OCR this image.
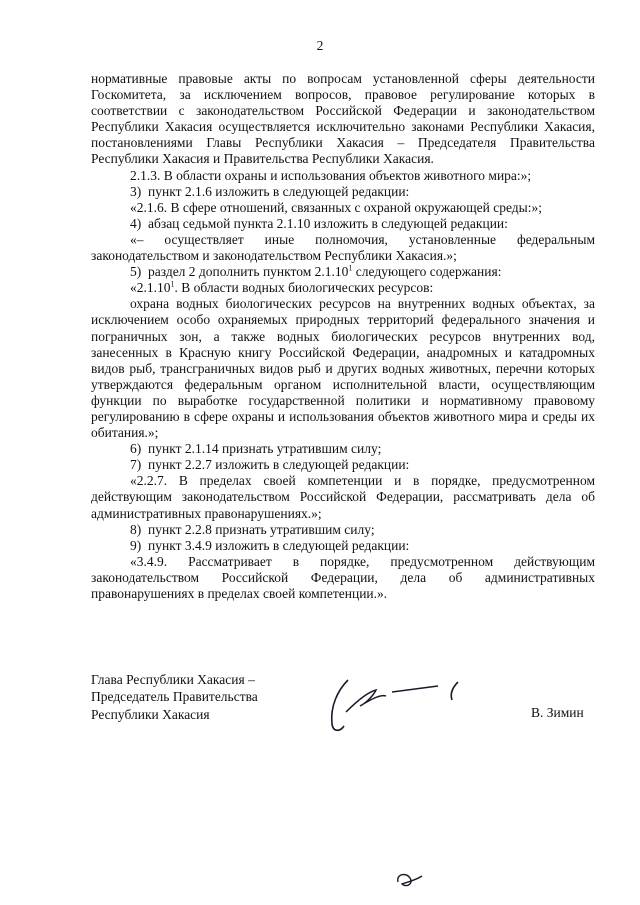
2

нормативные правовые акты по вопросам установленной сферы деятельности Госкомитета, за исключением вопросов, правовое регулирование которых в соответствии с законодательством Российской Федерации и законодательством Республики Хакасия осуществляется исключительно законами Республики Хакасия, постановлениями Главы Республики Хакасия – Председателя Правительства Республики Хакасия и Правительства Республики Хакасия.

2.1.3. В области охраны и использования объектов животного мира:»;

3)  пункт 2.1.6 изложить в следующей редакции:

«2.1.6. В сфере отношений, связанных с охраной окружающей среды:»;

4)  абзац седьмой пункта 2.1.10 изложить в следующей редакции:

«– осуществляет иные полномочия, установленные федеральным законодательством и законодательством Республики Хакасия.»;

5)  раздел 2 дополнить пунктом 2.1.10$^1$ следующего содержания:

«2.1.10$^1$. В области водных биологических ресурсов:

охрана водных биологических ресурсов на внутренних водных объектах, за исключением особо охраняемых природных территорий федерального значения и пограничных зон, а также водных биологических ресурсов внутренних вод, занесенных в Красную книгу Российской Федерации, анадромных и катадромных видов рыб, трансграничных видов рыб и других водных животных, перечни которых утверждаются федеральным органом исполнительной власти, осуществляющим функции по выработке государственной политики и нормативному правовому регулированию в сфере охраны и использования объектов животного мира и среды их обитания.»;

6)  пункт 2.1.14 признать утратившим силу;

7)  пункт 2.2.7 изложить в следующей редакции:

«2.2.7. В пределах своей компетенции и в порядке, предусмотренном действующим законодательством Российской Федерации, рассматривать дела об административных правонарушениях.»;

8)  пункт 2.2.8 признать утратившим силу;

9)  пункт 3.4.9 изложить в следующей редакции:

«3.4.9. Рассматривает в порядке, предусмотренном действующим законодательством Российской Федерации, дела об административных правонарушениях в пределах своей компетенции.».

Глава Республики Хакасия –
Председатель Правительства
Республики Хакасия	В. Зимин
